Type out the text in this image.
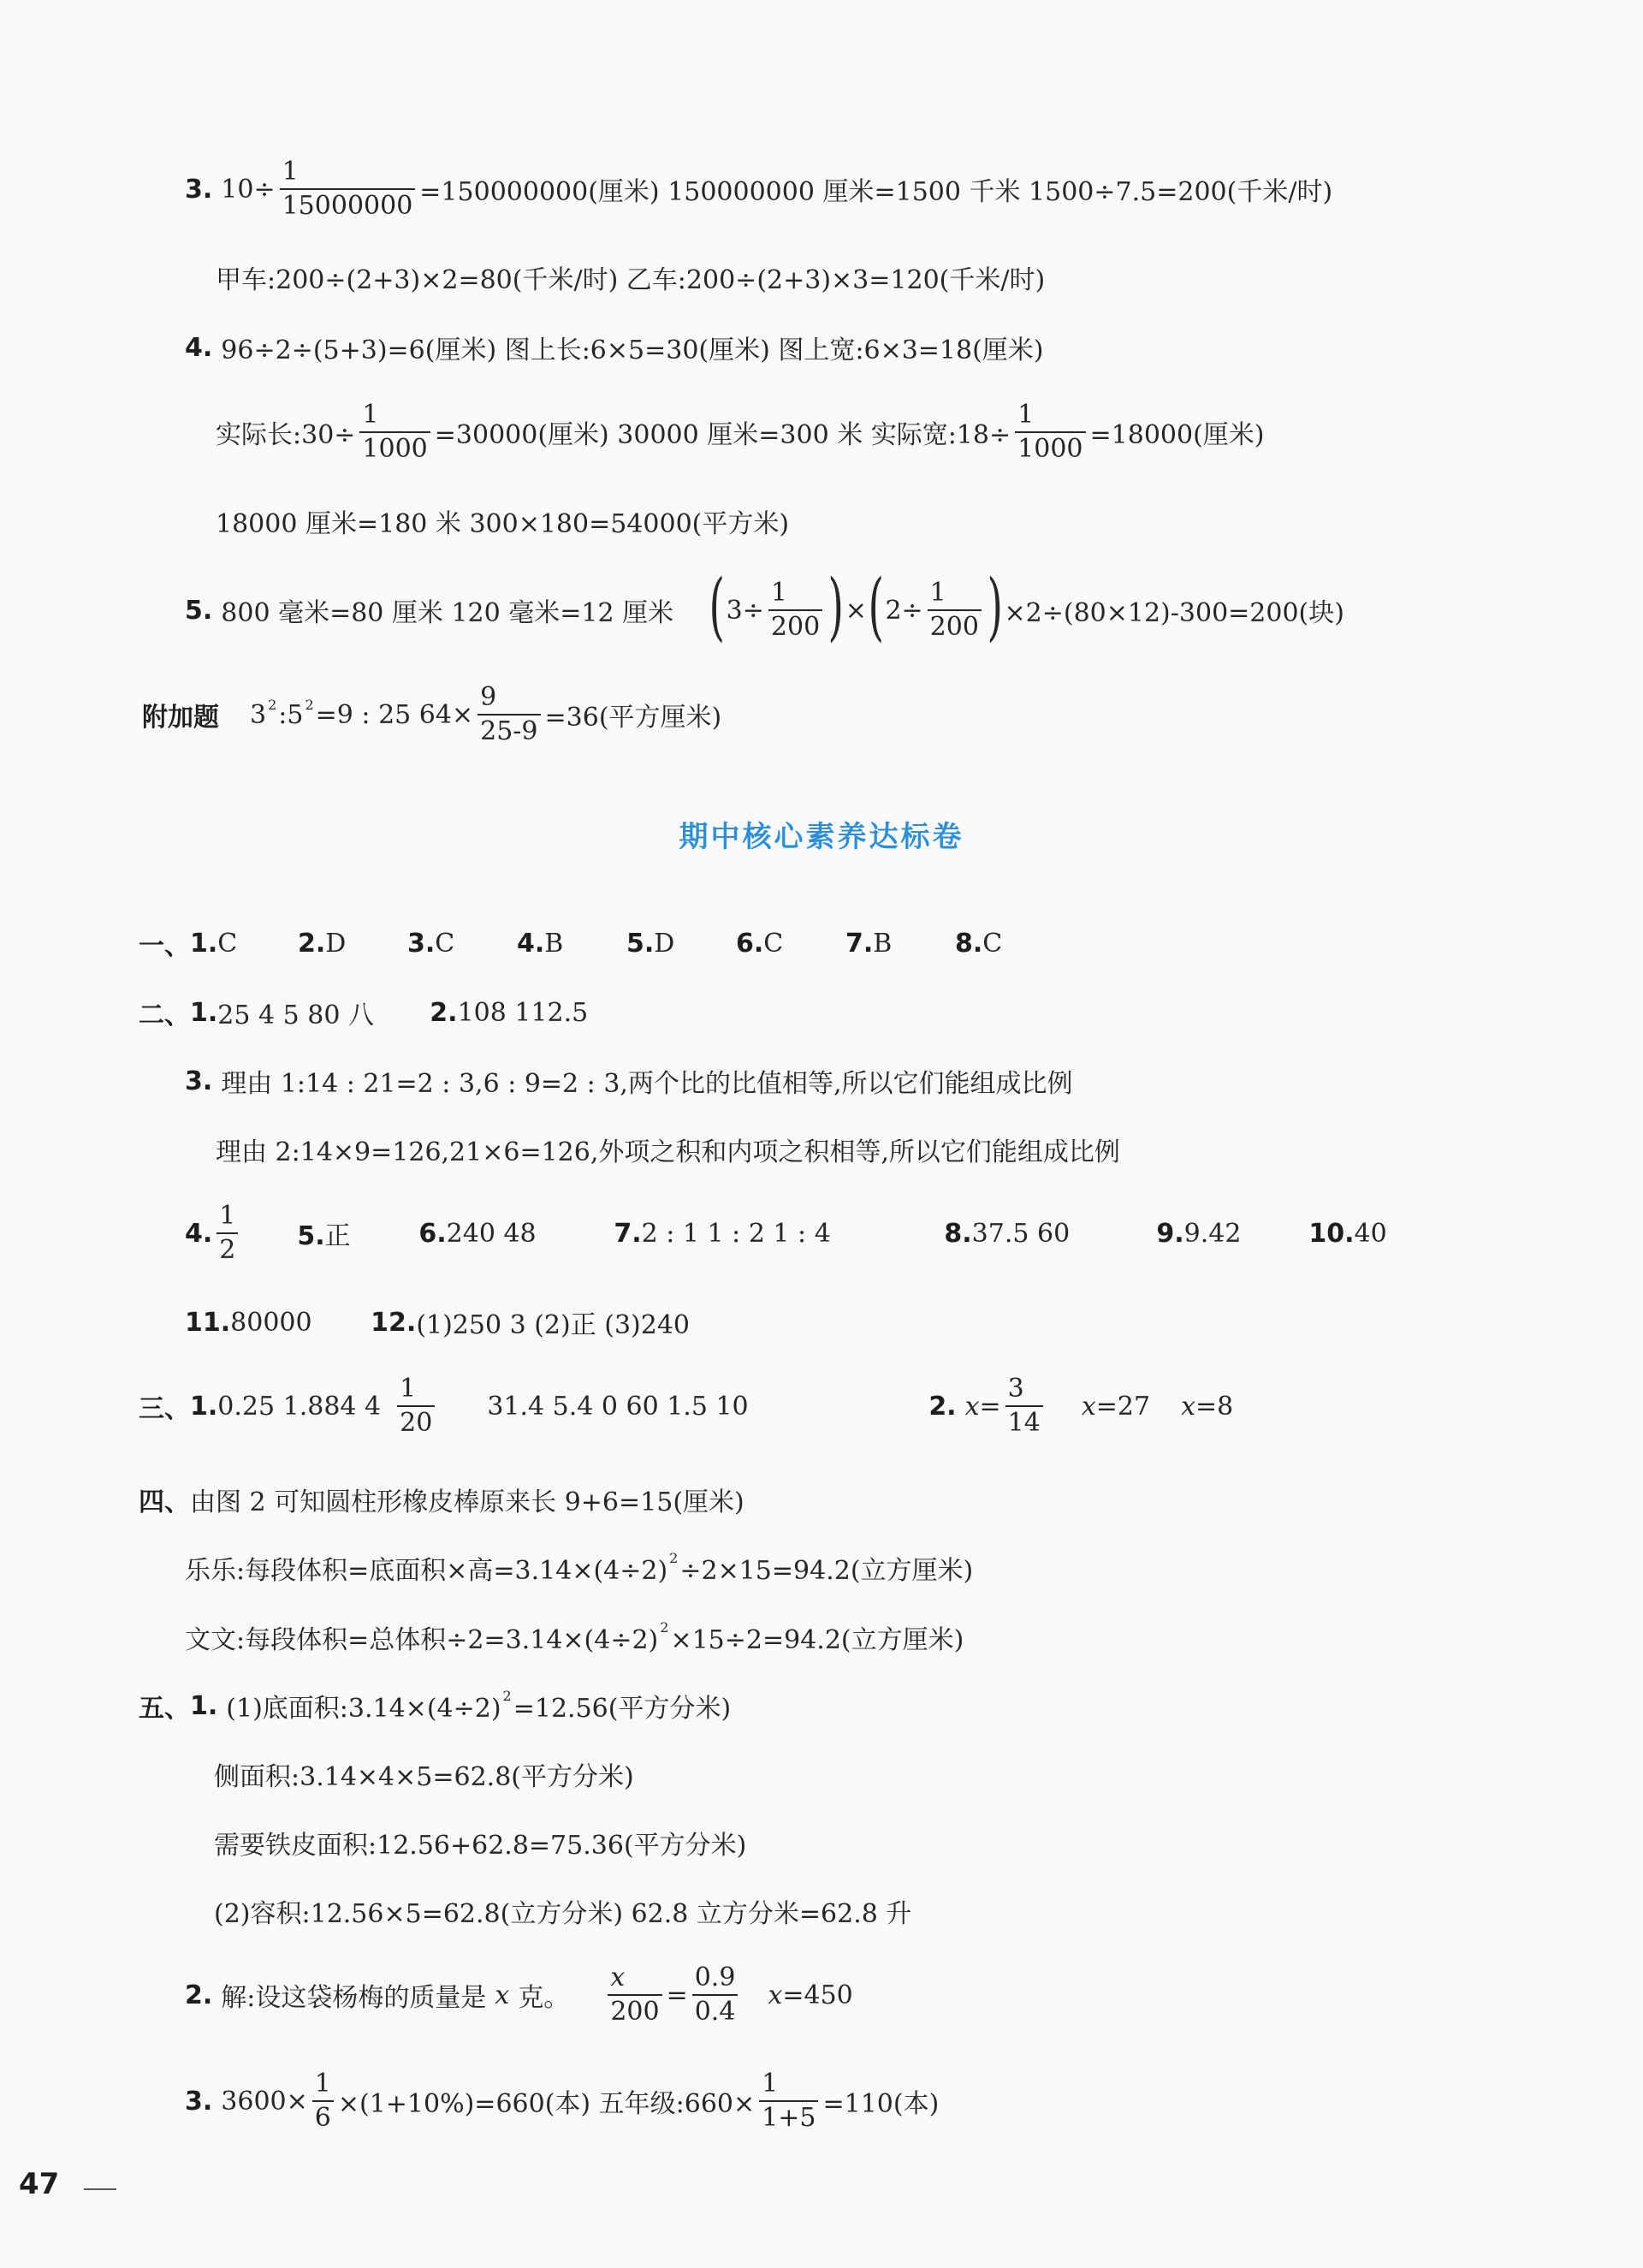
3. $10\div \frac{1}{15000000} =150000000$(厘米) 150000000 厘米=1500 千米 1500÷7.5=200(千米/时)
甲车:200÷(2+3)×2=80(千米/时) 乙车:200÷(2+3)×3=120(千米/时)
4. 96÷2÷(5+3)=6(厘米) 图上长:6×5=30(厘米) 图上宽:6×3=18(厘米)
实际长:30÷ $\frac{1}{1000} =30000$(厘米) 30000 厘米=300 米 实际宽:18÷ $\frac{1}{1000} =18000$(厘米)
18000 厘米=180 米 300×180=54000(平方米)
5. 800 毫米=80 厘米 120 毫米=12 厘米 ( $3\div \frac{1}{200}$ ) × ( $2\div \frac{1}{200}$ ) ×2÷(80×12)-300=200(块)
附加题 3 2 : 5 2 =9 : 25 $64\times \frac{9}{25-9} =36$(平方厘米)
期中核心素养达标卷
一、 1.C	2.D	3.C	4.B	5.D	6.C	7.B	8.C
二、 1. 25 4 5 80 八	2. 108 112.5
3. 理由 1:14 : 21=2 : 3,6 : 9=2 : 3,两个比的比值相等,所以它们能组成比例
理由 2:14×9=126,21×6=126,外项之积和内项之积相等,所以它们能组成比例
4. $\frac{1}{2} 5$.正	6.240 48	7.2 : 1 1 : 2 1 : 4	8.37.5 60	9.9.42	10.40
11. 80000	12. (1)250 3 (2)正 (3)240
三、 1. 0.25 1.884 $4 \frac{1}{20} 31.4$ 5.4 0 60 1.5 10	2. $x = \frac{3}{14}$ x =27 x =8
四、 由图 2 可知圆柱形橡皮棒原来长 9+6=15(厘米)
乐乐:每段体积=底面积×高=3.14×(4÷2) 2 ÷2×15=94.2(立方厘米)
文文:每段体积=总体积÷2=3.14×(4÷2) 2 ×15÷2=94.2(立方厘米)
五、 1. (1)底面积:3.14×(4÷2) 2 =12.56(平方分米)
侧面积:3.14×4×5=62.8(平方分米)
需要铁皮面积:12.56+62.8=75.36(平方分米)
(2)容积:12.56×5=62.8(立方分米) 62.8 立方分米=62.8 升
2. 解:设这袋杨梅的质量是 x 克。 $\frac{x}{200} = \frac{0.9}{0.4}$ x =450
3. $3600\times \frac{1}{6} \times(1+10\%)=660$(本) 五年级:660× $\frac{1}{1+5} =110$(本)
47
